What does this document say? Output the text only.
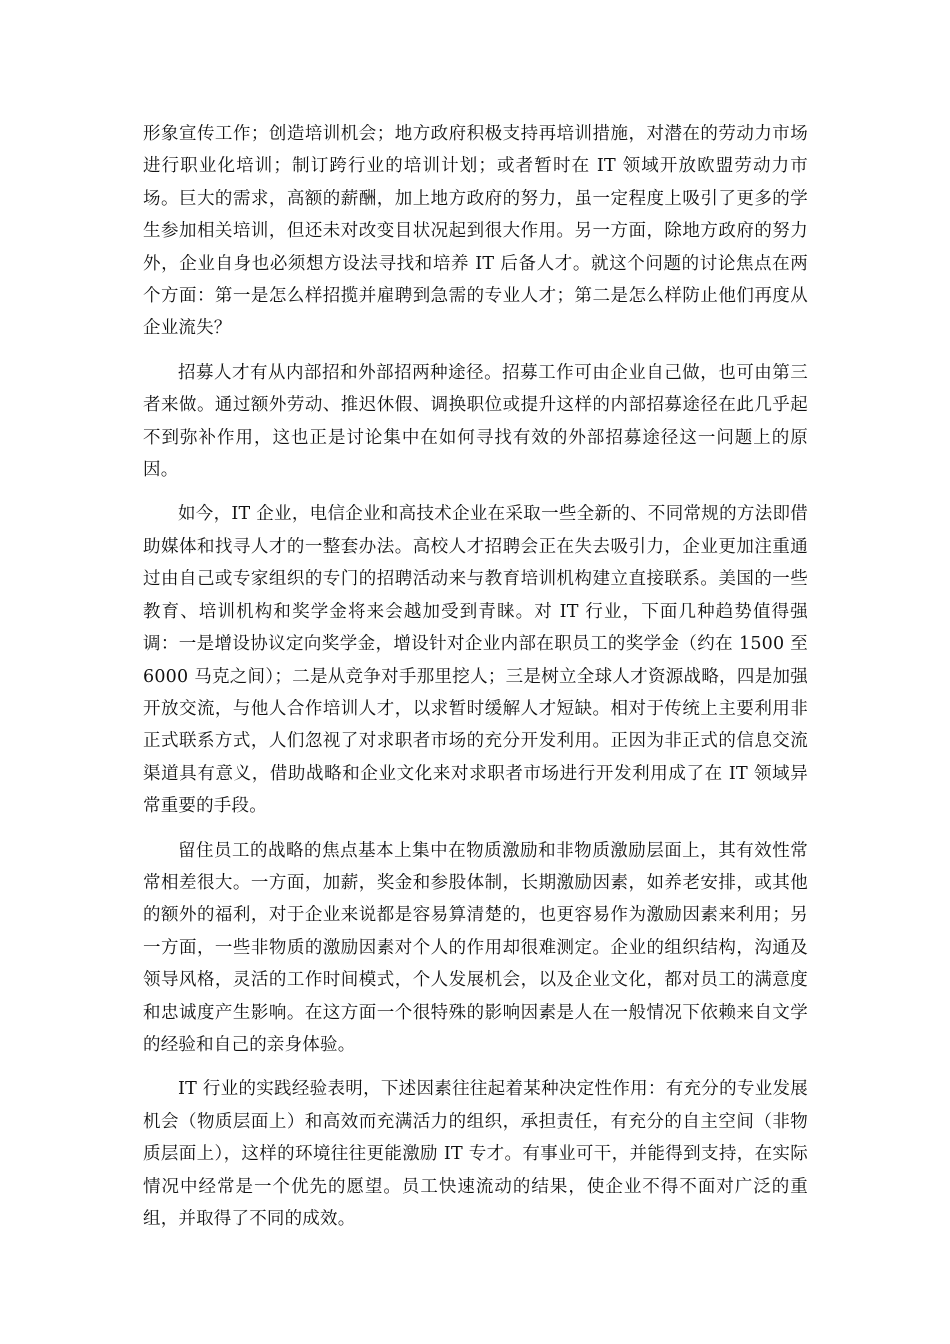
形象宣传工作；创造培训机会；地方政府积极支持再培训措施，对潜在的劳动力市场进行职业化培训；制订跨行业的培训计划；或者暂时在 IT 领域开放欧盟劳动力市场。巨大的需求，高额的薪酬，加上地方政府的努力，虽一定程度上吸引了更多的学生参加相关培训，但还未对改变目状况起到很大作用。另一方面，除地方政府的努力外，企业自身也必须想方设法寻找和培养 IT 后备人才。就这个问题的讨论焦点在两个方面：第一是怎么样招揽并雇聘到急需的专业人才；第二是怎么样防止他们再度从企业流失？

招募人才有从内部招和外部招两种途径。招募工作可由企业自己做，也可由第三者来做。通过额外劳动、推迟休假、调换职位或提升这样的内部招募途径在此几乎起不到弥补作用，这也正是讨论集中在如何寻找有效的外部招募途径这一问题上的原因。

如今，IT 企业，电信企业和高技术企业在采取一些全新的、不同常规的方法即借助媒体和找寻人才的一整套办法。高校人才招聘会正在失去吸引力，企业更加注重通过由自己或专家组织的专门的招聘活动来与教育培训机构建立直接联系。美国的一些教育、培训机构和奖学金将来会越加受到青睐。对 IT 行业，下面几种趋势值得强调：一是增设协议定向奖学金，增设针对企业内部在职员工的奖学金（约在 1500 至 6000 马克之间）；二是从竞争对手那里挖人；三是树立全球人才资源战略，四是加强开放交流，与他人合作培训人才，以求暂时缓解人才短缺。相对于传统上主要利用非正式联系方式，人们忽视了对求职者市场的充分开发利用。正因为非正式的信息交流渠道具有意义，借助战略和企业文化来对求职者市场进行开发利用成了在 IT 领域异常重要的手段。

留住员工的战略的焦点基本上集中在物质激励和非物质激励层面上，其有效性常常相差很大。一方面，加薪，奖金和参股体制，长期激励因素，如养老安排，或其他的额外的福利，对于企业来说都是容易算清楚的，也更容易作为激励因素来利用；另一方面，一些非物质的激励因素对个人的作用却很难测定。企业的组织结构，沟通及领导风格，灵活的工作时间模式，个人发展机会，以及企业文化，都对员工的满意度和忠诚度产生影响。在这方面一个很特殊的影响因素是人在一般情况下依赖来自文学的经验和自己的亲身体验。

IT 行业的实践经验表明，下述因素往往起着某种决定性作用：有充分的专业发展机会（物质层面上）和高效而充满活力的组织，承担责任，有充分的自主空间（非物质层面上），这样的环境往往更能激励 IT 专才。有事业可干，并能得到支持，在实际情况中经常是一个优先的愿望。员工快速流动的结果，使企业不得不面对广泛的重组，并取得了不同的成效。
